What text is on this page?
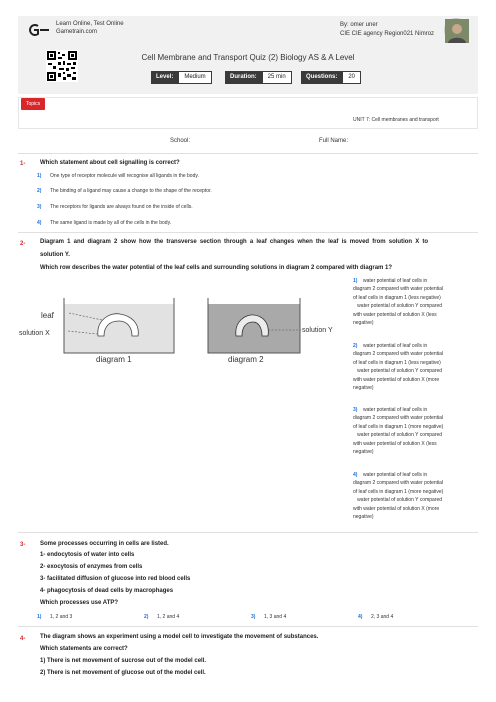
Learn Online, Test Online
Gametrain.com
By: omer uner
CIE CIE agency Region021 Nimroz
Cell Membrane and Transport Quiz (2) Biology AS & A Level
Level:	Medium	Duration:	25 min	Questions:	20
Topics
UNIT 7: Cell membranes and transport
School:	Full Name:
1- Which statement about cell signalling is correct?
1) One type of receptor molecule will recognise all ligands in the body.
2) The binding of a ligand may cause a change to the shape of the receptor.
3) The receptors for ligands are always found on the inside of cells.
4) The same ligand is made by all of the cells in the body.
2- Diagram 1 and diagram 2 show how the transverse section through a leaf changes when the leaf is moved from solution X to
solution Y.
Which row describes the water potential of the leaf cells and surrounding solutions in diagram 2 compared with diagram 1?
leaf
solution X	solution Y
diagram 1	diagram 2
1) water potential of leaf cells in
diagram 2 compared with water potential
of leaf cells in diagram 1 (less negative)
water potential of solution Y compared
with water potential of solution X (less
negative)
2) water potential of leaf cells in
diagram 2 compared with water potential
of leaf cells in diagram 1 (less negative)
water potential of solution Y compared
with water potential of solution X (more
negative)
3) water potential of leaf cells in
diagram 2 compared with water potential
of leaf cells in diagram 1 (more negative)
water potential of solution Y compared
with water potential of solution X (less
negative)
4) water potential of leaf cells in
diagram 2 compared with water potential
of leaf cells in diagram 1 (more negative)
water potential of solution Y compared
with water potential of solution X (more
negative)
3- Some processes occurring in cells are listed.
1- endocytosis of water into cells
2- exocytosis of enzymes from cells
3- facilitated diffusion of glucose into red blood cells
4- phagocytosis of dead cells by macrophages
Which processes use ATP?
1) 1, 2 and 3	2) 1, 2 and 4	3) 1, 3 and 4	4) 2, 3 and 4
4- The diagram shows an experiment using a model cell to investigate the movement of substances.
Which statements are correct?
1) There is net movement of sucrose out of the model cell.
2) There is net movement of glucose out of the model cell.
